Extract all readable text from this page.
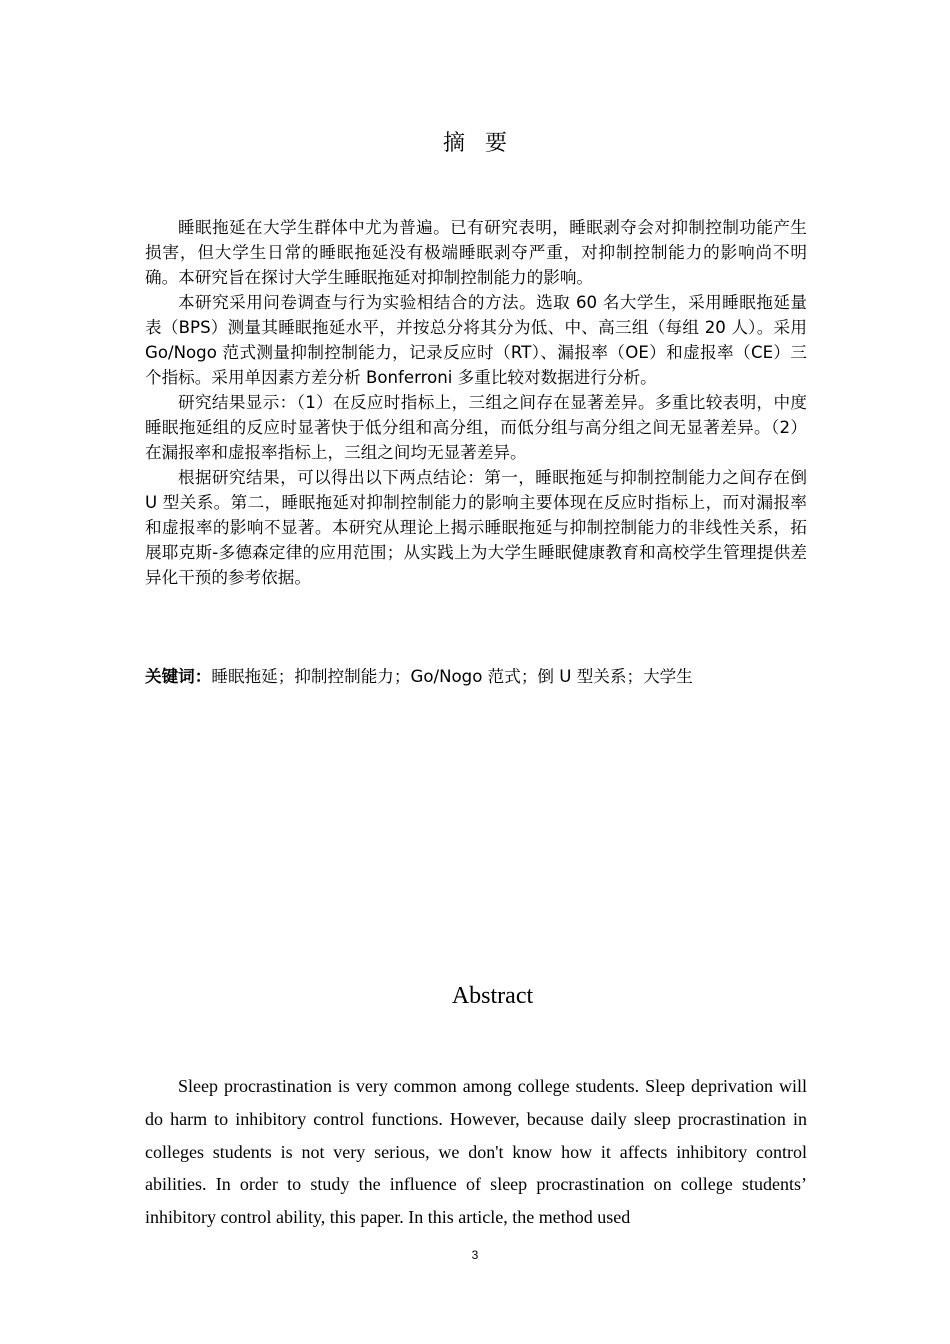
摘要

睡眠拖延在大学生群体中尤为普遍。已有研究表明，睡眠剥夺会对抑制控制功能产生损害，但大学生日常的睡眠拖延没有极端睡眠剥夺严重，对抑制控制能力的影响尚不明确。本研究旨在探讨大学生睡眠拖延对抑制控制能力的影响。

本研究采用问卷调查与行为实验相结合的方法。选取 60 名大学生，采用睡眠拖延量表（BPS）测量其睡眠拖延水平，并按总分将其分为低、中、高三组（每组 20 人）。采用 Go/Nogo 范式测量抑制控制能力，记录反应时（RT）、漏报率（OE）和虚报率（CE）三个指标。采用单因素方差分析 Bonferroni 多重比较对数据进行分析。

研究结果显示：（1）在反应时指标上，三组之间存在显著差异。多重比较表明，中度睡眠拖延组的反应时显著快于低分组和高分组，而低分组与高分组之间无显著差异。（2）在漏报率和虚报率指标上，三组之间均无显著差异。

根据研究结果，可以得出以下两点结论：第一，睡眠拖延与抑制控制能力之间存在倒 U 型关系。第二，睡眠拖延对抑制控制能力的影响主要体现在反应时指标上，而对漏报率和虚报率的影响不显著。本研究从理论上揭示睡眠拖延与抑制控制能力的非线性关系，拓展耶克斯-多德森定律的应用范围；从实践上为大学生睡眠健康教育和高校学生管理提供差异化干预的参考依据。

关键词：睡眠拖延；抑制控制能力；Go/Nogo 范式；倒 U 型关系；大学生
Abstract

Sleep procrastination is very common among college students. Sleep deprivation will do harm to inhibitory control functions. However, because daily sleep procrastination in colleges students is not very serious, we don't know how it affects inhibitory control abilities. In order to study the influence of sleep procrastination on college students’ inhibitory control ability, this paper. In this article, the method used

3
